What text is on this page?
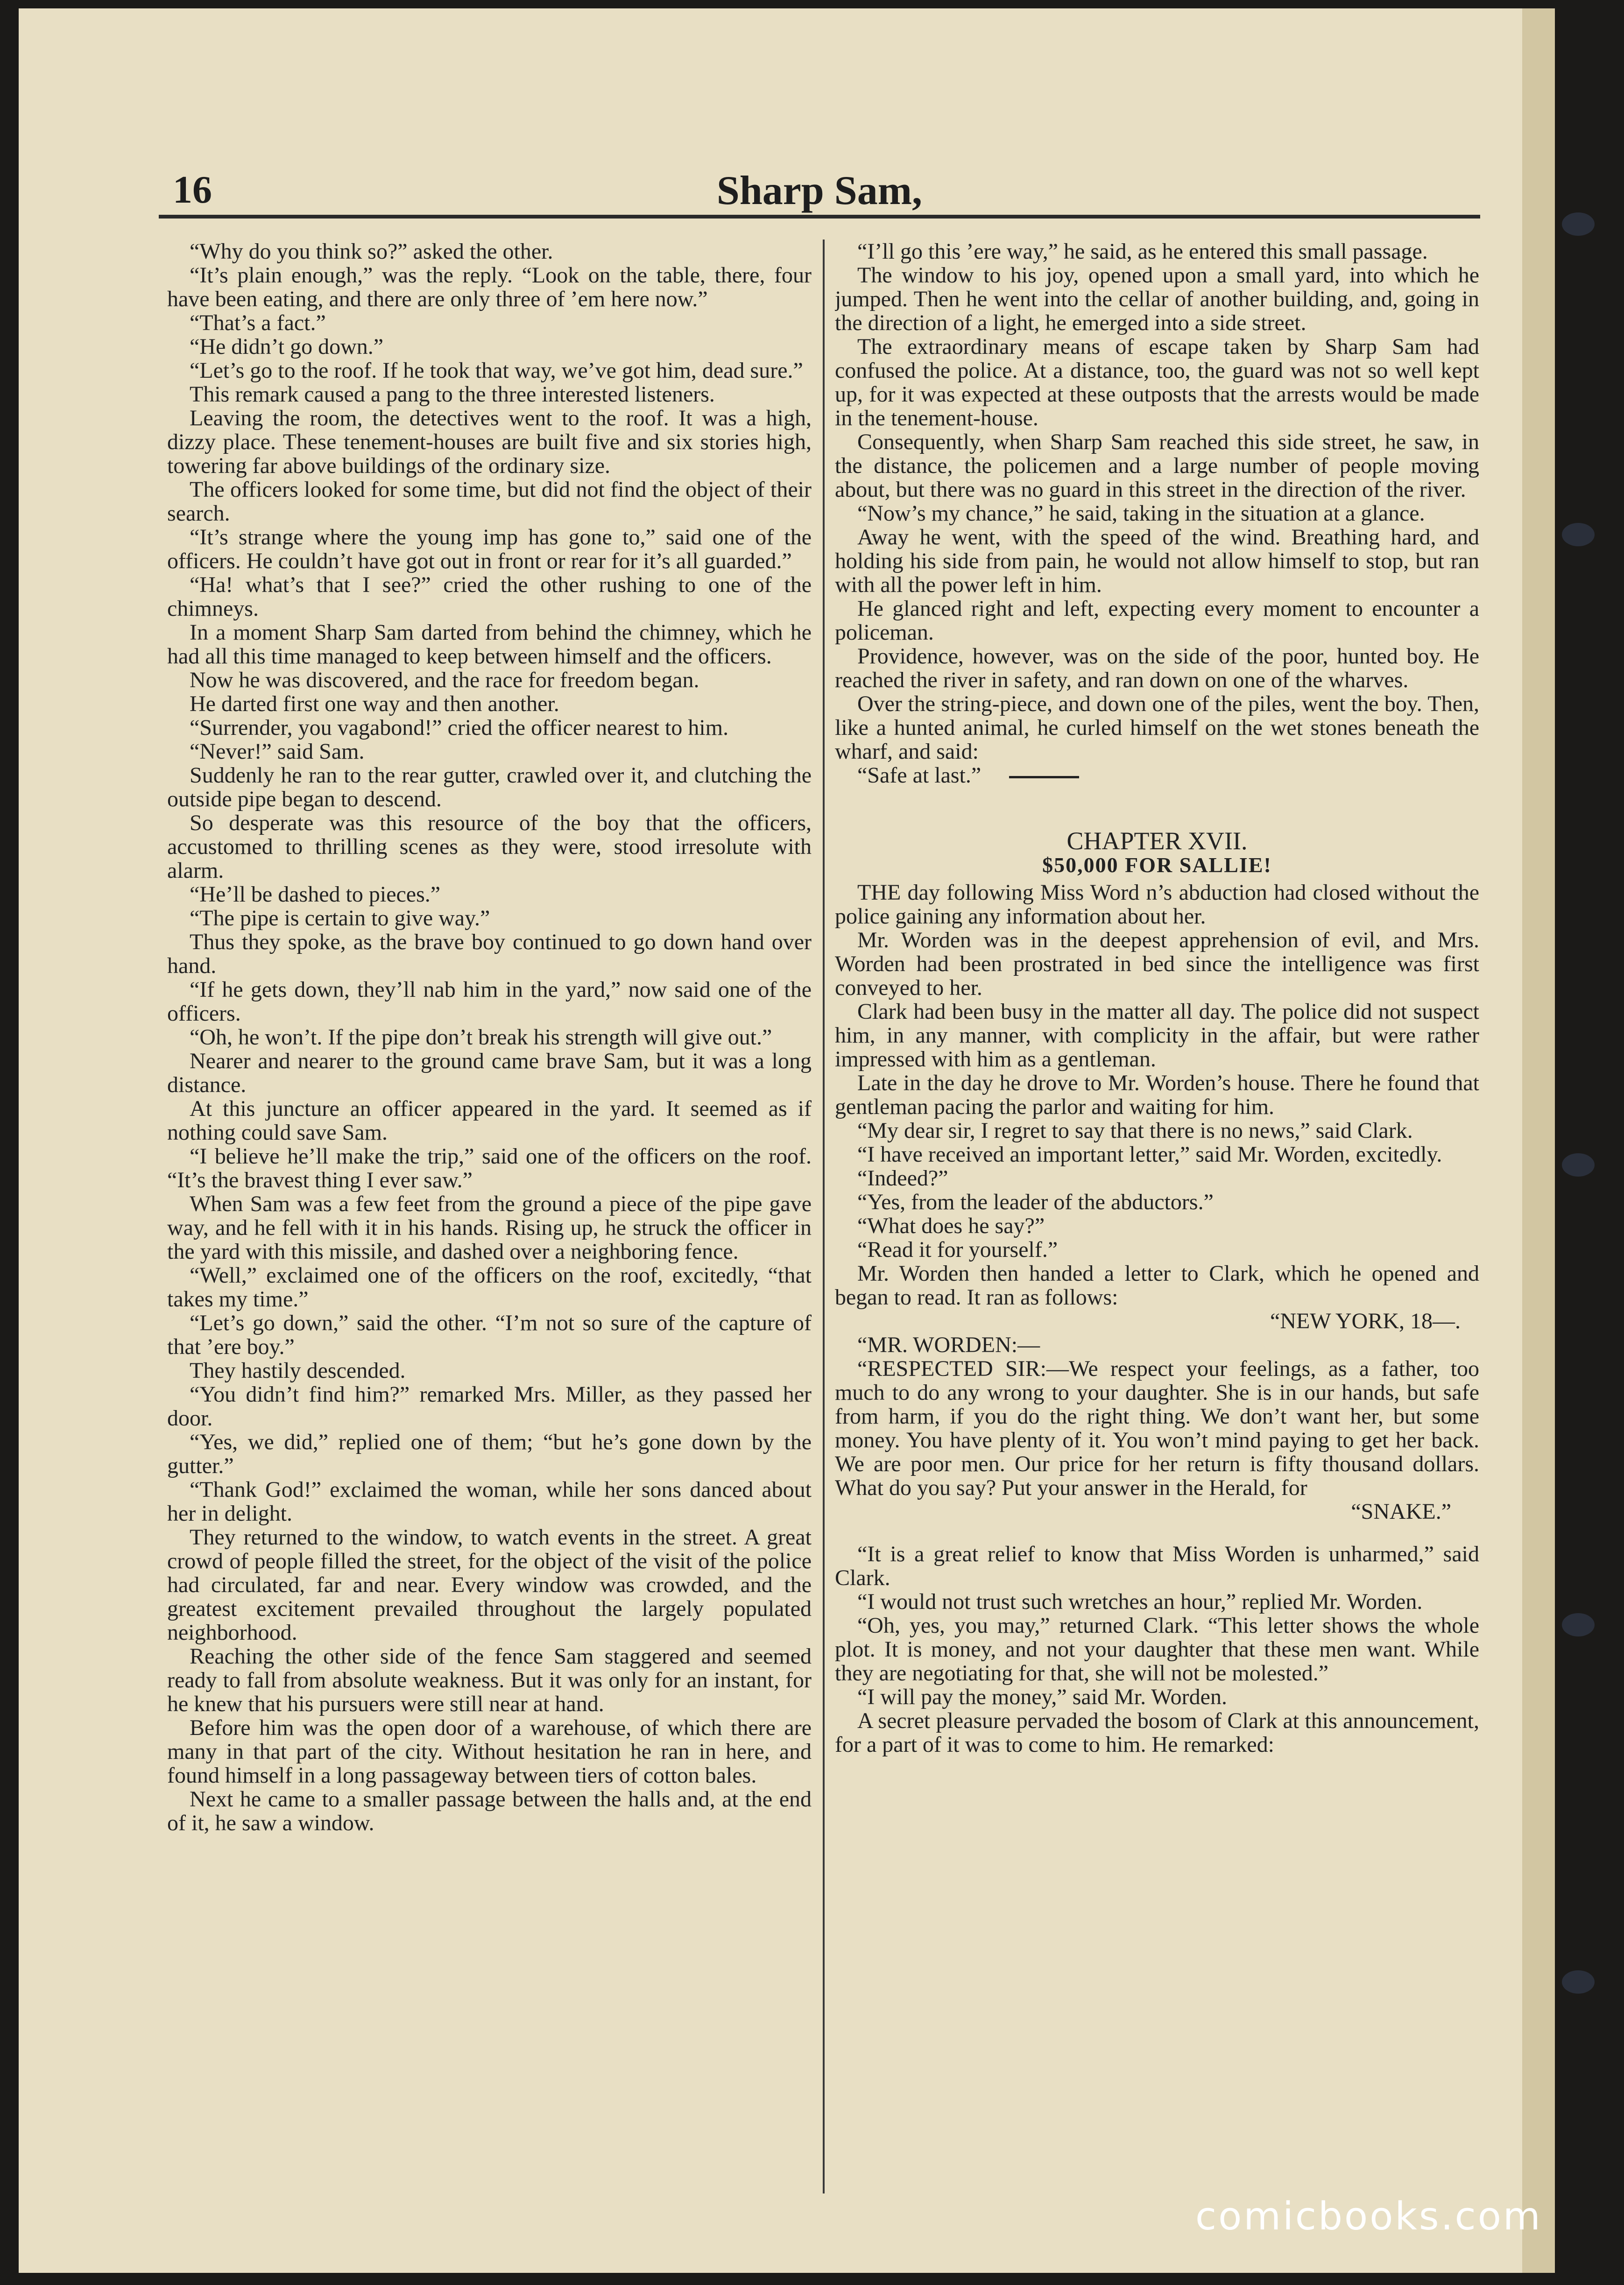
16	Sharp Sam,

“Why do you think so?” asked the other.

“It’s plain enough,” was the reply. “Look on the table, there, four have been eating, and there are only three of ’em here now.”

“That’s a fact.”

“He didn’t go down.”

“Let’s go to the roof. If he took that way, we’ve got him, dead sure.”

This remark caused a pang to the three interested listeners.

Leaving the room, the detectives went to the roof. It was a high, dizzy place. These tenement-houses are built five and six stories high, towering far above buildings of the ordinary size.

The officers looked for some time, but did not find the object of their search.

“It’s strange where the young imp has gone to,” said one of the officers. He couldn’t have got out in front or rear for it’s all guarded.”

“Ha! what’s that I see?” cried the other rushing to one of the chimneys.

In a moment Sharp Sam darted from behind the chimney, which he had all this time managed to keep between himself and the officers.

Now he was discovered, and the race for freedom began.

He darted first one way and then another.

“Surrender, you vagabond!” cried the officer nearest to him.

“Never!” said Sam.

Suddenly he ran to the rear gutter, crawled over it, and clutching the outside pipe began to descend.

So desperate was this resource of the boy that the officers, accustomed to thrilling scenes as they were, stood irresolute with alarm.

“He’ll be dashed to pieces.”

“The pipe is certain to give way.”

Thus they spoke, as the brave boy continued to go down hand over hand.

“If he gets down, they’ll nab him in the yard,” now said one of the officers.

“Oh, he won’t. If the pipe don’t break his strength will give out.”

Nearer and nearer to the ground came brave Sam, but it was a long distance.

At this juncture an officer appeared in the yard. It seemed as if nothing could save Sam.

“I believe he’ll make the trip,” said one of the officers on the roof. “It’s the bravest thing I ever saw.”

When Sam was a few feet from the ground a piece of the pipe gave way, and he fell with it in his hands. Rising up, he struck the officer in the yard with this missile, and dashed over a neighboring fence.

“Well,” exclaimed one of the officers on the roof, excitedly, “that takes my time.”

“Let’s go down,” said the other. “I’m not so sure of the capture of that ’ere boy.”

They hastily descended.

“You didn’t find him?” remarked Mrs. Miller, as they passed her door.

“Yes, we did,” replied one of them; “but he’s gone down by the gutter.”

“Thank God!” exclaimed the woman, while her sons danced about her in delight.

They returned to the window, to watch events in the street. A great crowd of people filled the street, for the object of the visit of the police had circulated, far and near. Every window was crowded, and the greatest excitement prevailed throughout the largely populated neighborhood.

Reaching the other side of the fence Sam staggered and seemed ready to fall from absolute weakness. But it was only for an instant, for he knew that his pursuers were still near at hand.

Before him was the open door of a warehouse, of which there are many in that part of the city. Without hesitation he ran in here, and found himself in a long passageway between tiers of cotton bales.

Next he came to a smaller passage between the halls and, at the end of it, he saw a window.

“I’ll go this ’ere way,” he said, as he entered this small passage.

The window to his joy, opened upon a small yard, into which he jumped. Then he went into the cellar of another building, and, going in the direction of a light, he emerged into a side street.

The extraordinary means of escape taken by Sharp Sam had confused the police. At a distance, too, the guard was not so well kept up, for it was expected at these outposts that the arrests would be made in the tenement-house.

Consequently, when Sharp Sam reached this side street, he saw, in the distance, the policemen and a large number of people moving about, but there was no guard in this street in the direction of the river.

“Now’s my chance,” he said, taking in the situation at a glance.

Away he went, with the speed of the wind. Breathing hard, and holding his side from pain, he would not allow himself to stop, but ran with all the power left in him.

He glanced right and left, expecting every moment to encounter a policeman.

Providence, however, was on the side of the poor, hunted boy. He reached the river in safety, and ran down on one of the wharves.

Over the string-piece, and down one of the piles, went the boy. Then, like a hunted animal, he curled himself on the wet stones beneath the wharf, and said:

“Safe at last.”

CHAPTER XVII.
$50,000 FOR SALLIE!

THE day following Miss Word n’s abduction had closed without the police gaining any information about her.

Mr. Worden was in the deepest apprehension of evil, and Mrs. Worden had been prostrated in bed since the intelligence was first conveyed to her.

Clark had been busy in the matter all day. The police did not suspect him, in any manner, with complicity in the affair, but were rather impressed with him as a gentleman.

Late in the day he drove to Mr. Worden’s house. There he found that gentleman pacing the parlor and waiting for him.

“My dear sir, I regret to say that there is no news,” said Clark.

“I have received an important letter,” said Mr. Worden, excitedly.

“Indeed?”

“Yes, from the leader of the abductors.”

“What does he say?”

“Read it for yourself.”

Mr. Worden then handed a letter to Clark, which he opened and began to read. It ran as follows:

“NEW YORK, 18—.

“MR. WORDEN:—

“RESPECTED SIR:—We respect your feelings, as a father, too much to do any wrong to your daughter. She is in our hands, but safe from harm, if you do the right thing. We don’t want her, but some money. You have plenty of it. You won’t mind paying to get her back. We are poor men. Our price for her return is fifty thousand dollars. What do you say? Put your answer in the Herald, for

“SNAKE.”

“It is a great relief to know that Miss Worden is unharmed,” said Clark.

“I would not trust such wretches an hour,” replied Mr. Worden.

“Oh, yes, you may,” returned Clark. “This letter shows the whole plot. It is money, and not your daughter that these men want. While they are negotiating for that, she will not be molested.”

“I will pay the money,” said Mr. Worden.

A secret pleasure pervaded the bosom of Clark at this announcement, for a part of it was to come to him. He remarked:

comicbooks.com
